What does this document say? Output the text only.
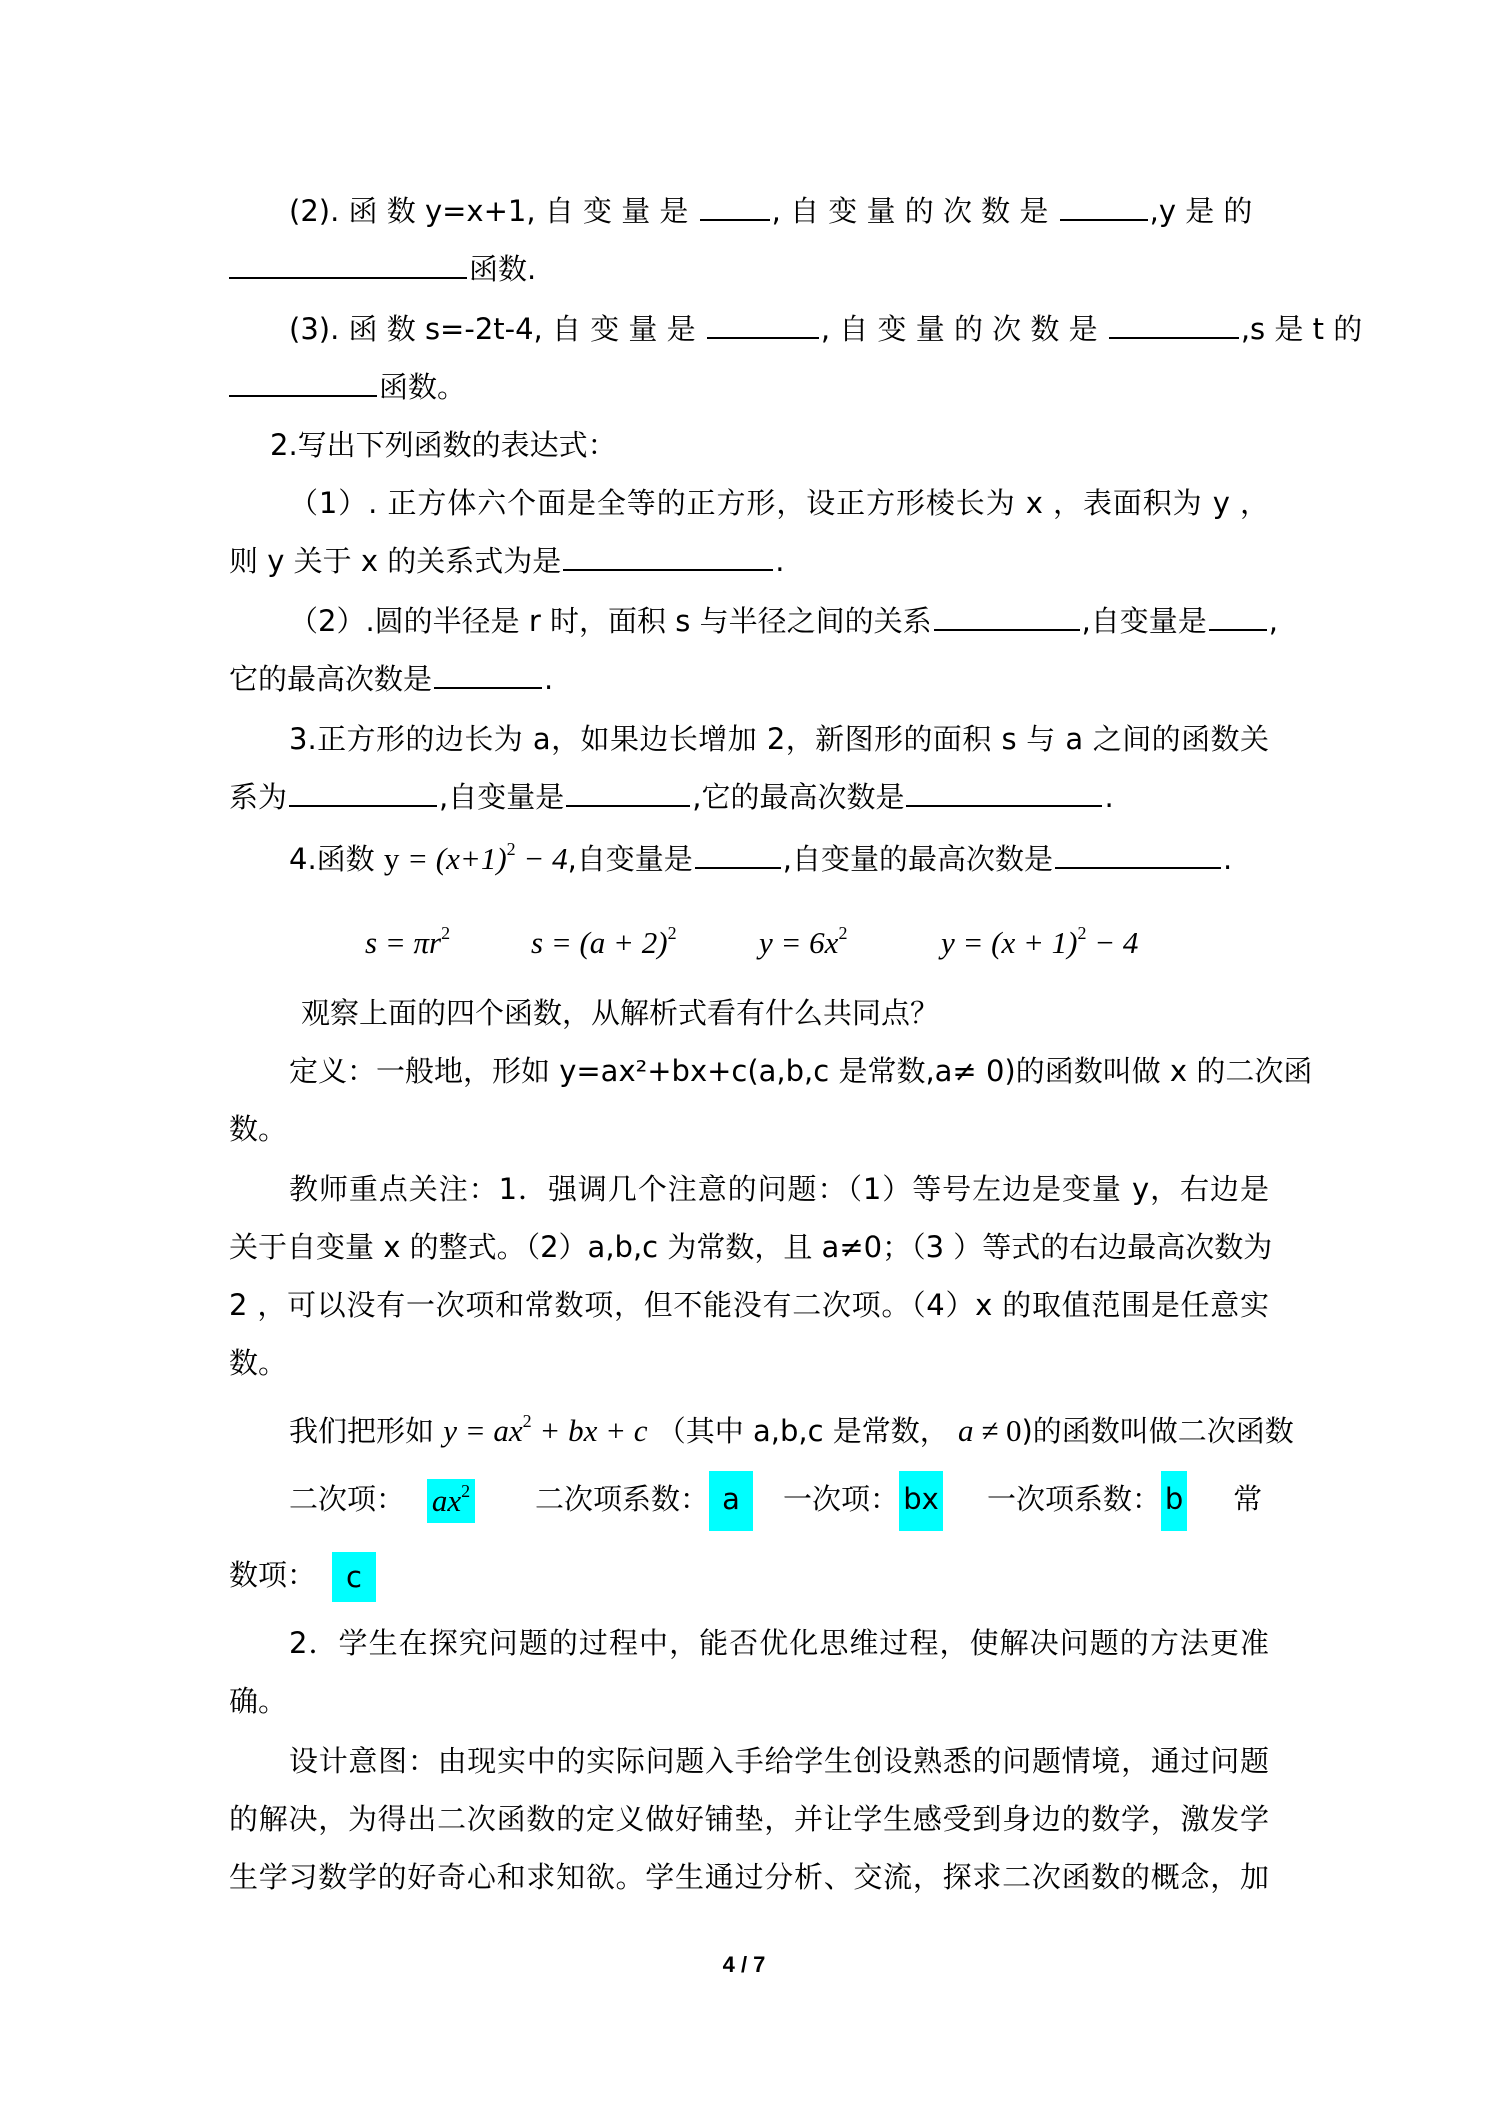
(2). 函 数 y=x+1, 自 变 量 是	, 自 变 量 的 次 数 是	,y 是 的
函数.
(3). 函 数 s=-2t-4, 自 变 量 是	, 自 变 量 的 次 数 是	,s 是 t 的
函数。
2.写出下列函数的表达式：
（1）. 正方体六个面是全等的正方形，设正方形棱长为 x ，表面积为 y ，
则 y 关于 x 的关系式为是	.
（2）.圆的半径是 r 时，面积 s 与半径之间的关系	,自变量是 ,
它的最高次数是	.
3.正方形的边长为 a，如果边长增加 2，新图形的面积 s 与 a 之间的函数关
系为	,自变量是	,它的最高次数是	.
4.函数 $y = (x+1)^2 - 4$,自变量是	,自变量的最高次数是	.
$s = \pi r^2$	$s = (a + 2)^2$	$y = 6x^2$	$y = (x + 1)^2 - 4$
观察上面的四个函数，从解析式看有什么共同点？
定义：一般地，形如 y=ax²+bx+c(a,b,c 是常数,a≠ 0)的函数叫做 x 的二次函
数。
教师重点关注：1．强调几个注意的问题：（1）等号左边是变量 y，右边是
关于自变量 x 的整式。（2）a,b,c 为常数，且 a≠0；（3 ）等式的右边最高次数为
2 ，可以没有一次项和常数项，但不能没有二次项。（4）x 的取值范围是任意实
数。
我们把形如 $y = ax^2$ + bx + c （其中 a,b,c 是常数， a ≠ 0)的函数叫做二次函数
二次项： $ax^2$ 二次项系数： a 一次项： bx 一次项系数： b 常
数项： c
2．学生在探究问题的过程中，能否优化思维过程，使解决问题的方法更准
确。
设计意图：由现实中的实际问题入手给学生创设熟悉的问题情境，通过问题
的解决，为得出二次函数的定义做好铺垫，并让学生感受到身边的数学，激发学
生学习数学的好奇心和求知欲。学生通过分析、交流，探求二次函数的概念，加
4 / 7
